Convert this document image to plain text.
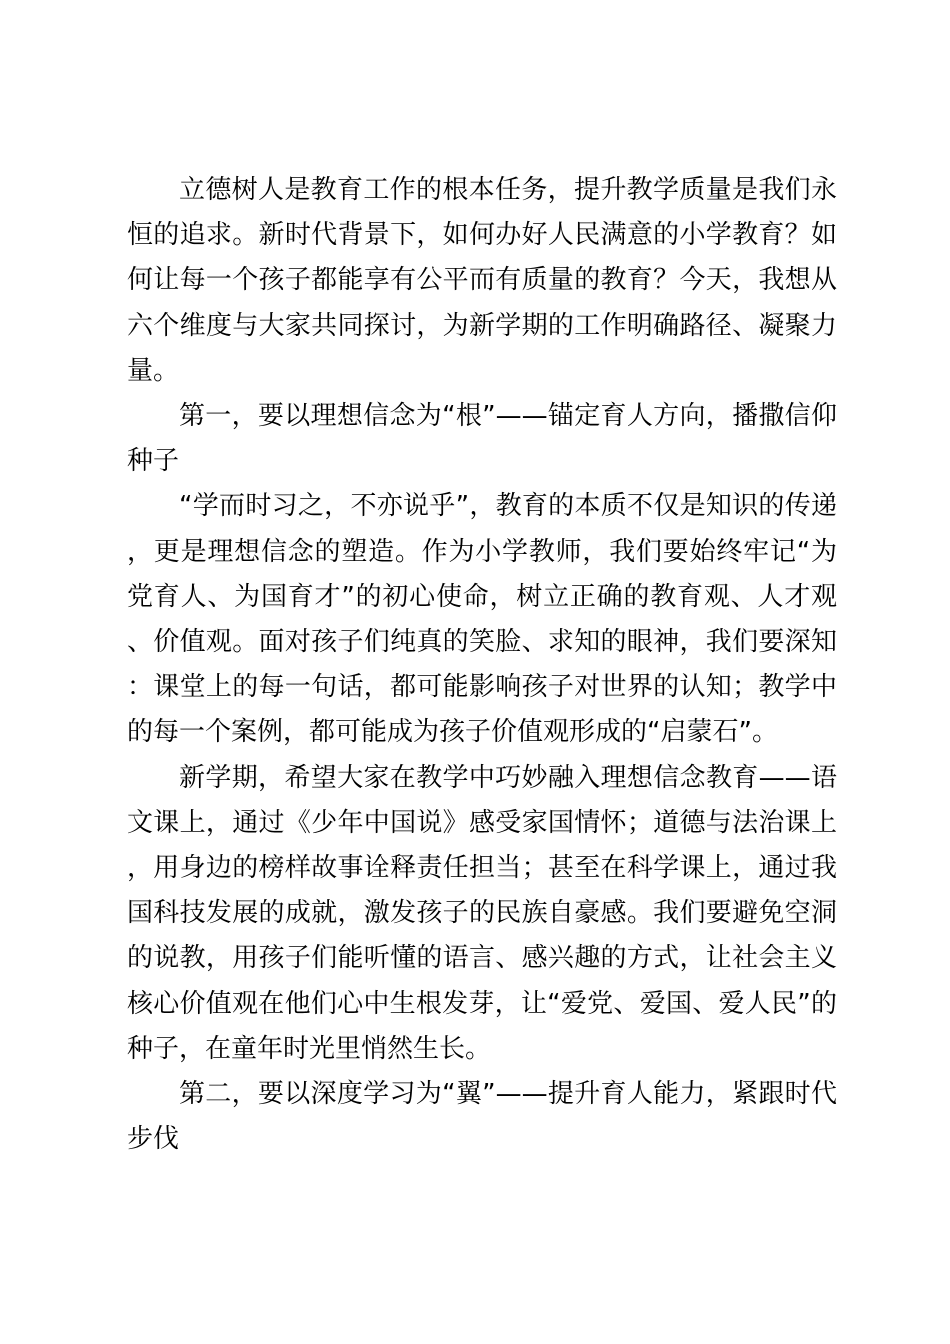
立德树人是教育工作的根本任务，提升教学质量是我们永恒的追求。新时代背景下，如何办好人民满意的小学教育？如何让每一个孩子都能享有公平而有质量的教育？今天，我想从六个维度与大家共同探讨，为新学期的工作明确路径、凝聚力量。

第一，要以理想信念为“根”——锚定育人方向，播撒信仰种子

“学而时习之，不亦说乎”，教育的本质不仅是知识的传递，更是理想信念的塑造。作为小学教师，我们要始终牢记“为党育人、为国育才”的初心使命，树立正确的教育观、人才观、价值观。面对孩子们纯真的笑脸、求知的眼神，我们要深知：课堂上的每一句话，都可能影响孩子对世界的认知；教学中的每一个案例，都可能成为孩子价值观形成的“启蒙石”。

新学期，希望大家在教学中巧妙融入理想信念教育——语文课上，通过《少年中国说》感受家国情怀；道德与法治课上，用身边的榜样故事诠释责任担当；甚至在科学课上，通过我国科技发展的成就，激发孩子的民族自豪感。我们要避免空洞的说教，用孩子们能听懂的语言、感兴趣的方式，让社会主义核心价值观在他们心中生根发芽，让“爱党、爱国、爱人民”的种子，在童年时光里悄然生长。

第二，要以深度学习为“翼”——提升育人能力，紧跟时代步伐
